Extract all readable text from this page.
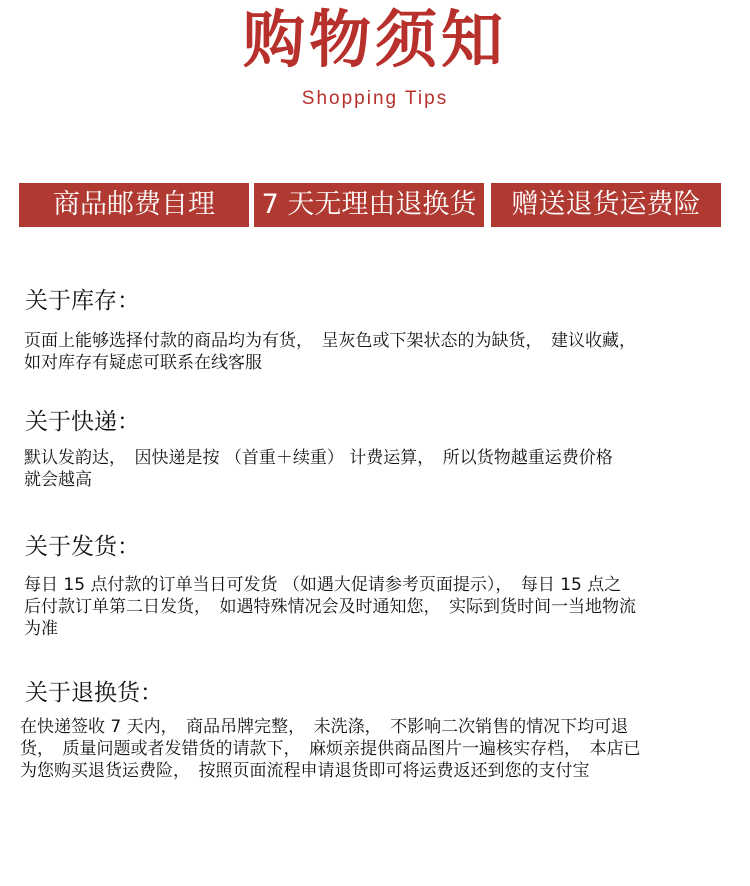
购物须知
Shopping Tips
商品邮费自理	7 天无理由退换货	赠送退货运费险
关于库存：
页面上能够选择付款的商品均为有货，　呈灰色或下架状态的为缺货，　建议收藏，
如对库存有疑虑可联系在线客服
关于快递：
默认发韵达，　因快递是按 （首重＋续重） 计费运算，　所以货物越重运费价格
就会越高
关于发货：
每日 15 点付款的订单当日可发货 （如遇大促请参考页面提示），　每日 15 点之
后付款订单第二日发货，　如遇特殊情况会及时通知您，　实际到货时间一当地物流
为准
关于退换货：
在快递签收 7 天内，　商品吊牌完整，　未洗涤，　不影响二次销售的情况下均可退
货，　质量问题或者发错货的请款下，　麻烦亲提供商品图片一遍核实存档，　本店已
为您购买退货运费险，　按照页面流程申请退货即可将运费返还到您的支付宝
